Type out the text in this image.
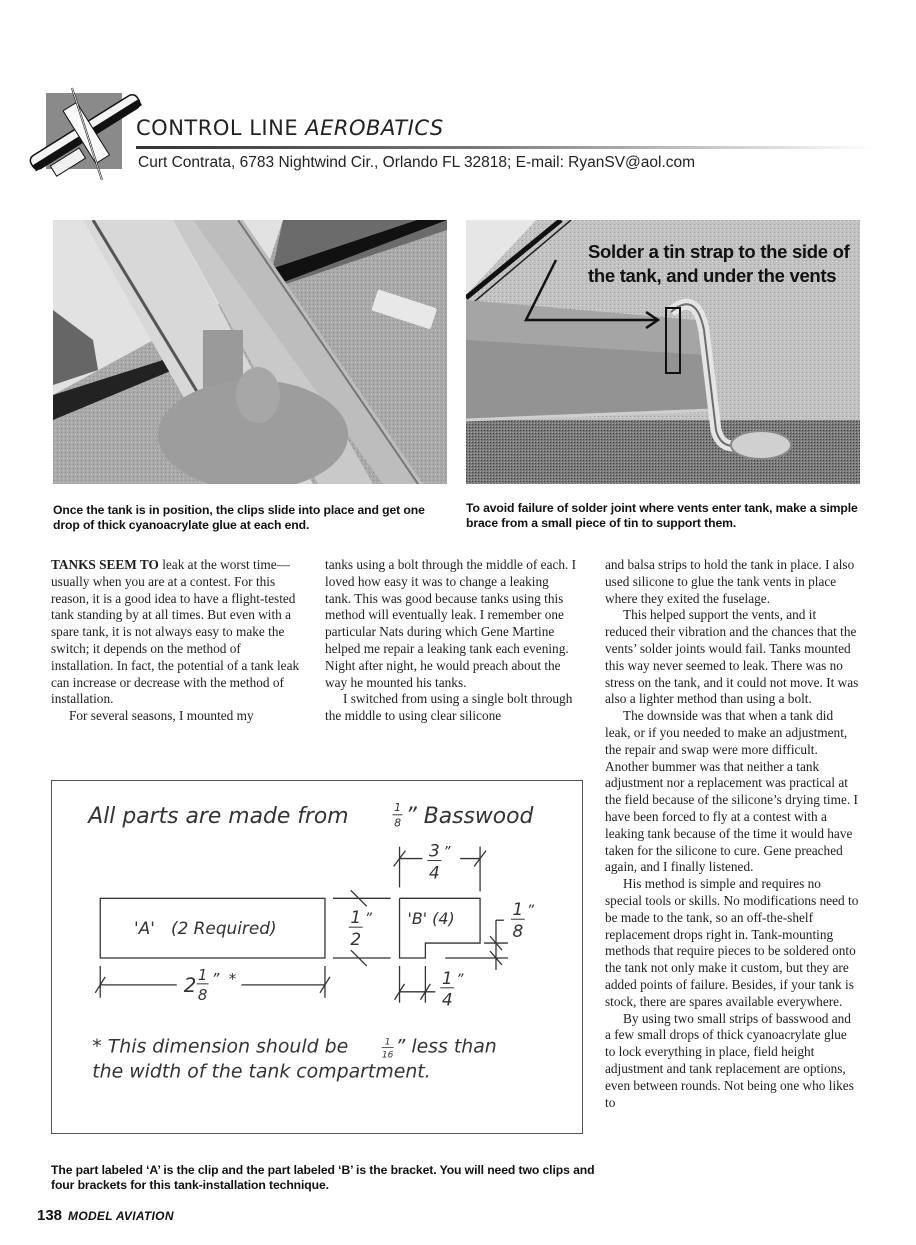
CONTROL LINE AEROBATICS
Curt Contrata, 6783 Nightwind Cir., Orlando FL 32818; E-mail: RyanSV@aol.com
Solder a tin strap to the side of the tank, and under the vents
Once the tank is in position, the clips slide into place and get one drop of thick cyanoacrylate glue at each end.
To avoid failure of solder joint where vents enter tank, make a simple brace from a small piece of tin to support them.

TANKS SEEM TO leak at the worst time—usually when you are at a contest. For this reason, it is a good idea to have a flight-tested tank standing by at all times. But even with a spare tank, it is not always easy to make the switch; it depends on the method of installation. In fact, the potential of a tank leak can increase or decrease with the method of installation.

For several seasons, I mounted my

tanks using a bolt through the middle of each. I loved how easy it was to change a leaking tank. This was good because tanks using this method will eventually leak. I remember one particular Nats during which Gene Martine helped me repair a leaking tank each evening. Night after night, he would preach about the way he mounted his tanks.

I switched from using a single bolt through the middle to using clear silicone

and balsa strips to hold the tank in place. I also used silicone to glue the tank vents in place where they exited the fuselage.

This helped support the vents, and it reduced their vibration and the chances that the vents’ solder joints would fail. Tanks mounted this way never seemed to leak. There was no stress on the tank, and it could not move. It was also a lighter method than using a bolt.

The downside was that when a tank did leak, or if you needed to make an adjustment, the repair and swap were more difficult. Another bummer was that neither a tank adjustment nor a replacement was practical at the field because of the silicone’s drying time. I have been forced to fly at a contest with a leaking tank because of the time it would have taken for the silicone to cure. Gene preached again, and I finally listened.

His method is simple and requires no special tools or skills. No modifications need to be made to the tank, so an off-the-shelf replacement drops right in. Tank-mounting methods that require pieces to be soldered onto the tank not only make it custom, but they are added points of failure. Besides, if your tank is stock, there are spares available everywhere.

By using two small strips of basswood and a few small drops of thick cyanoacrylate glue to lock everything in place, field height adjustment and tank replacement are options, even between rounds. Not being one who likes to

All parts are made from	1
8 ” Basswood
'A'   (2 Required)	'B' (4)
1
2
”
3
4
”
1
8
”
2 1
8
”  *	1
4
”
* This dimension should be	1
16 ” less than
the width of the tank compartment.
The part labeled ‘A’ is the clip and the part labeled ‘B’ is the bracket. You will need two clips and four brackets for this tank-installation technique.
138 MODEL AVIATION
